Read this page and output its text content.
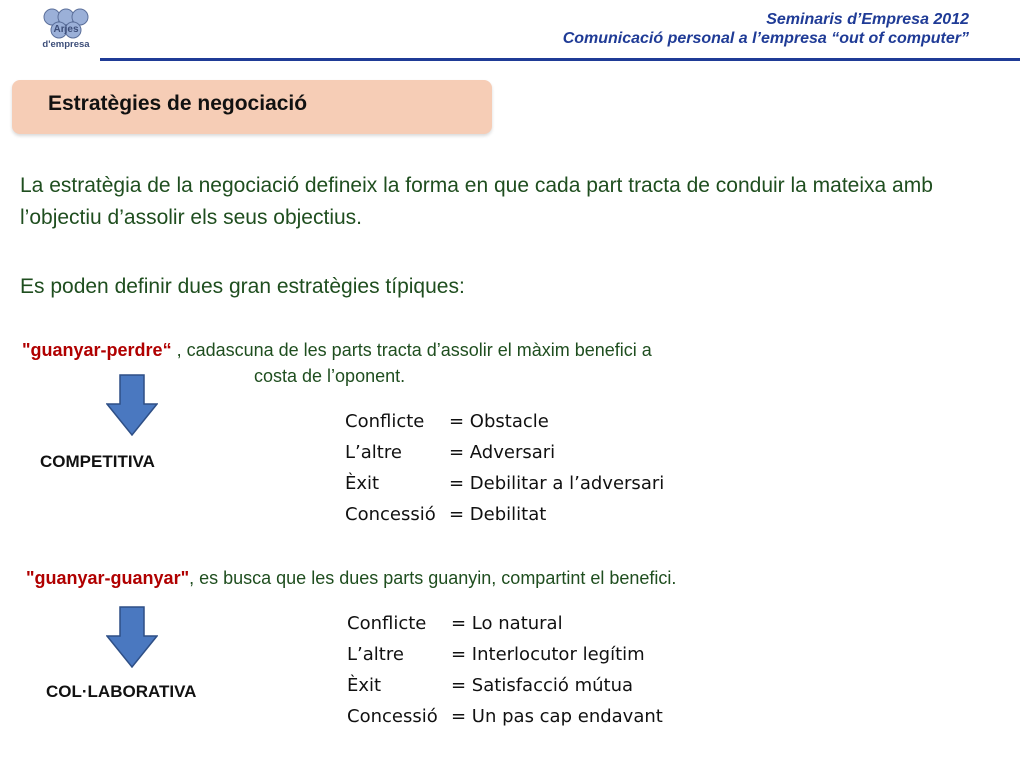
Arjes
d'empresa
Seminaris d’Empresa 2012
Comunicació personal a l’empresa “out of computer”
Estratègies de negociació
La estratègia de la negociació defineix la forma en que cada part tracta de conduir la mateixa amb l’objectiu d’assolir els seus objectius.
Es poden definir dues gran estratègies típiques:
"guanyar-perdre“ , cadascuna de les parts tracta d’assolir el màxim benefici a
costa de l’oponent.
COMPETITIVA
Conflicte	= Obstacle
L’altre	= Adversari
Èxit	= Debilitar a l’adversari
Concessió = Debilitat
"guanyar-guanyar", es busca que les dues parts guanyin, compartint el benefici.
COL·LABORATIVA
Conflicte	= Lo natural
L’altre	= Interlocutor legítim
Èxit	= Satisfacció mútua
Concessió = Un pas cap endavant
